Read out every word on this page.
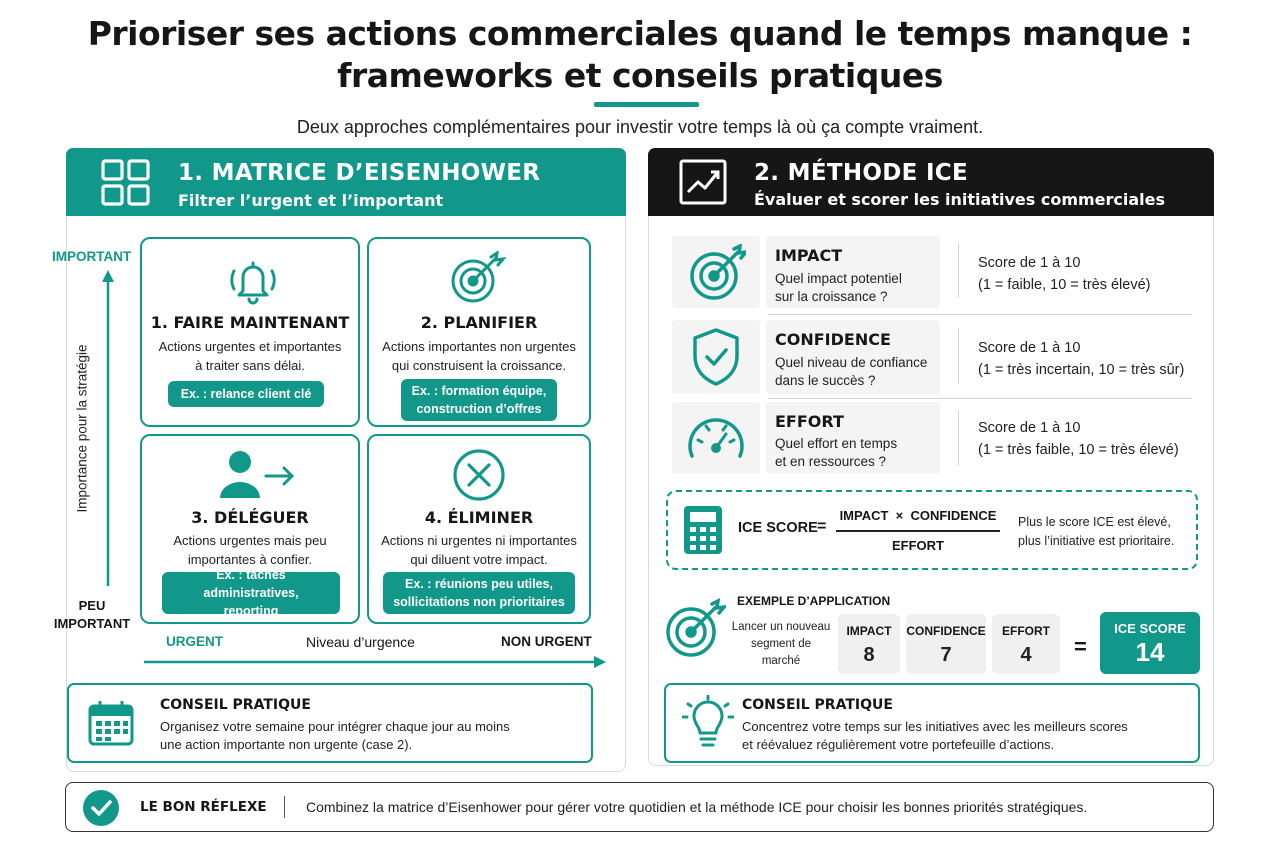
Prioriser ses actions commerciales quand le temps manque :
frameworks et conseils pratiques
Deux approches complémentaires pour investir votre temps là où ça compte vraiment.
1. MATRICE D’EISENHOWER
Filtrer l’urgent et l’important
IMPORTANT
Importance pour la stratégie
PEU
IMPORTANT
URGENT	Niveau d’urgence	NON URGENT
1. FAIRE MAINTENANT
Actions urgentes et importantes
à traiter sans délai.
Ex. : relance client clé
2. PLANIFIER
Actions importantes non urgentes
qui construisent la croissance.
Ex. : formation équipe,
construction d’offres
3. DÉLÉGUER
Actions urgentes mais peu
importantes à confier.
Ex. : tâches administratives,
reporting
4. ÉLIMINER
Actions ni urgentes ni importantes
qui diluent votre impact.
Ex. : réunions peu utiles,
sollicitations non prioritaires
CONSEIL PRATIQUE
Organisez votre semaine pour intégrer chaque jour au moins
une action importante non urgente (case 2).
2. MÉTHODE ICE
Évaluer et scorer les initiatives commerciales
IMPACT
Quel impact potentiel
sur la croissance ?
Score de 1 à 10
(1 = faible, 10 = très élevé)
CONFIDENCE
Quel niveau de confiance
dans le succès ?
Score de 1 à 10
(1 = très incertain, 10 = très sûr)
EFFORT
Quel effort en temps
et en ressources ?
Score de 1 à 10
(1 = très faible, 10 = très élevé)
ICE SCORE =
IMPACT  ×  CONFIDENCE
EFFORT
Plus le score ICE est élevé,
plus l’initiative est prioritaire.
EXEMPLE D’APPLICATION
Lancer un nouveau
segment de marché
IMPACT
8
CONFIDENCE
7
EFFORT
4	=
ICE SCORE
14
CONSEIL PRATIQUE
Concentrez votre temps sur les initiatives avec les meilleurs scores
et réévaluez régulièrement votre portefeuille d’actions.
LE BON RÉFLEXE	Combinez la matrice d’Eisenhower pour gérer votre quotidien et la méthode ICE pour choisir les bonnes priorités stratégiques.
